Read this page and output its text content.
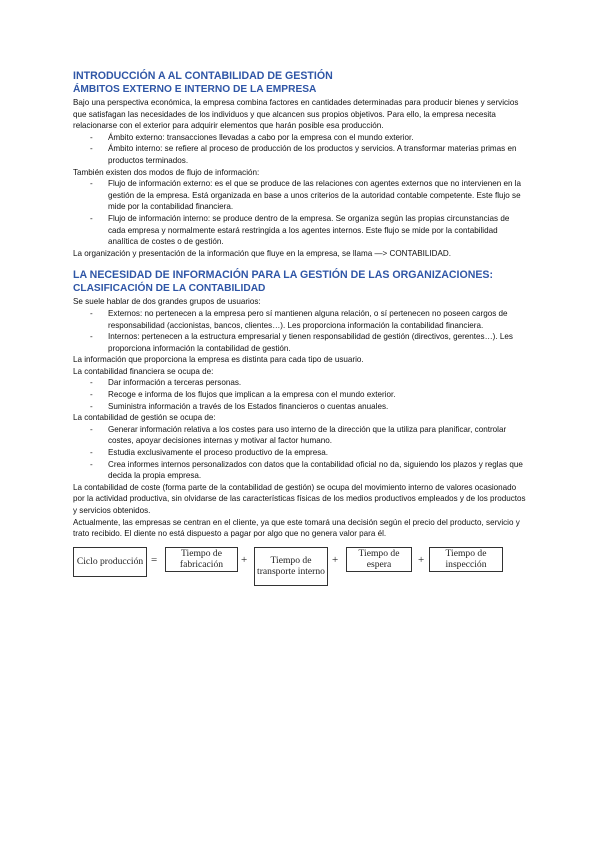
INTRODUCCIÓN A AL CONTABILIDAD DE GESTIÓN
ÁMBITOS EXTERNO E INTERNO DE LA EMPRESA

Bajo una perspectiva económica, la empresa combina factores en cantidades determinadas para producir bienes y servicios que satisfagan las necesidades de los individuos y que alcancen sus propios objetivos. Para ello, la empresa necesita relacionarse con el exterior para adquirir elementos que harán posible esa producción.

- Ámbito externo: transacciones llevadas a cabo por la empresa con el mundo exterior.
- Ámbito interno: se refiere al proceso de producción de los productos y servicios. A transformar materias primas en productos terminados.

También existen dos modos de flujo de información:

- Flujo de información externo: es el que se produce de las relaciones con agentes externos que no intervienen en la gestión de la empresa. Está organizada en base a unos criterios de la autoridad contable competente. Este flujo se mide por la contabilidad financiera.
- Flujo de información interno: se produce dentro de la empresa. Se organiza según las propias circunstancias de cada empresa y normalmente estará restringida a los agentes internos. Este flujo se mide por la contabilidad analítica de costes o de gestión.

La organización y presentación de la información que fluye en la empresa, se llama —> CONTABILIDAD.

LA NECESIDAD DE INFORMACIÓN PARA LA GESTIÓN DE LAS ORGANIZACIONES:
CLASIFICACIÓN DE LA CONTABILIDAD

Se suele hablar de dos grandes grupos de usuarios:

- Externos: no pertenecen a la empresa pero sí mantienen alguna relación, o sí pertenecen no poseen cargos de responsabilidad (accionistas, bancos, clientes…). Les proporciona información la contabilidad financiera.
- Internos: pertenecen a la estructura empresarial y tienen responsabilidad de gestión (directivos, gerentes…). Les proporciona información la contabilidad de gestión.

La información que proporciona la empresa es distinta para cada tipo de usuario.

La contabilidad financiera se ocupa de:

- Dar información a terceras personas.
- Recoge e informa de los flujos que implican a la empresa con el mundo exterior.
- Suministra información a través de los Estados financieros o cuentas anuales.

La contabilidad de gestión se ocupa de:

- Generar información relativa a los costes para uso interno de la dirección que la utiliza para planificar, controlar costes, apoyar decisiones internas y motivar al factor humano.
- Estudia exclusivamente el proceso productivo de la empresa.
- Crea informes internos personalizados con datos que la contabilidad oficial no da, siguiendo los plazos y reglas que decida la propia empresa.

La contabilidad de coste (forma parte de la contabilidad de gestión) se ocupa del movimiento interno de valores ocasionado por la actividad productiva, sin olvidarse de las características físicas de los medios productivos empleados y de los productos y servicios obtenidos.

Actualmente, las empresas se centran en el cliente, ya que este tomará una decisión según el precio del producto, servicio y trato recibido. El diente no está dispuesto a pagar por algo que no genera valor para él.

Ciclo producción =	Tiempo de fabricación	+	Tiempo de transporte interno
+	Tiempo de espera	+	Tiempo de inspección
